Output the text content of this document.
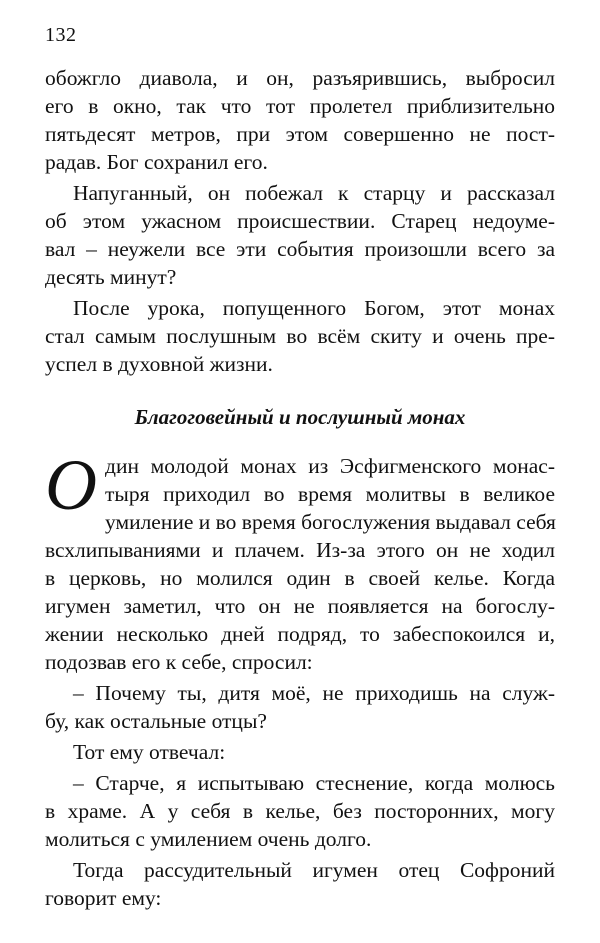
132

обожгло диавола, и он, разъярившись, выбросил
его в окно, так что тот пролетел приблизительно
пятьдесят метров, при этом совершенно не пост-
радав. Бог сохранил его.

Напуганный, он побежал к старцу и рассказал
об этом ужасном происшествии. Старец недоуме-
вал – неужели все эти события произошли всего за
десять минут?

После урока, попущенного Богом, этот монах
стал самым послушным во всём скиту и очень пре-
успел в духовной жизни.

Благоговейный и послушный монах

О дин молодой монах из Эсфигменского монас-
тыря приходил во время молитвы в великое
умиление и во время богослужения выдавал себя
всхлипываниями и плачем. Из-за этого он не ходил
в церковь, но молился один в своей келье. Когда
игумен заметил, что он не появляется на богослу-
жении несколько дней подряд, то забеспокоился и,
подозвав его к себе, спросил:

– Почему ты, дитя моё, не приходишь на служ-
бу, как остальные отцы?

Тот ему отвечал:

– Старче, я испытываю стеснение, когда молюсь
в храме. А у себя в келье, без посторонних, могу
молиться с умилением очень долго.

Тогда рассудительный игумен отец Софроний
говорит ему:
